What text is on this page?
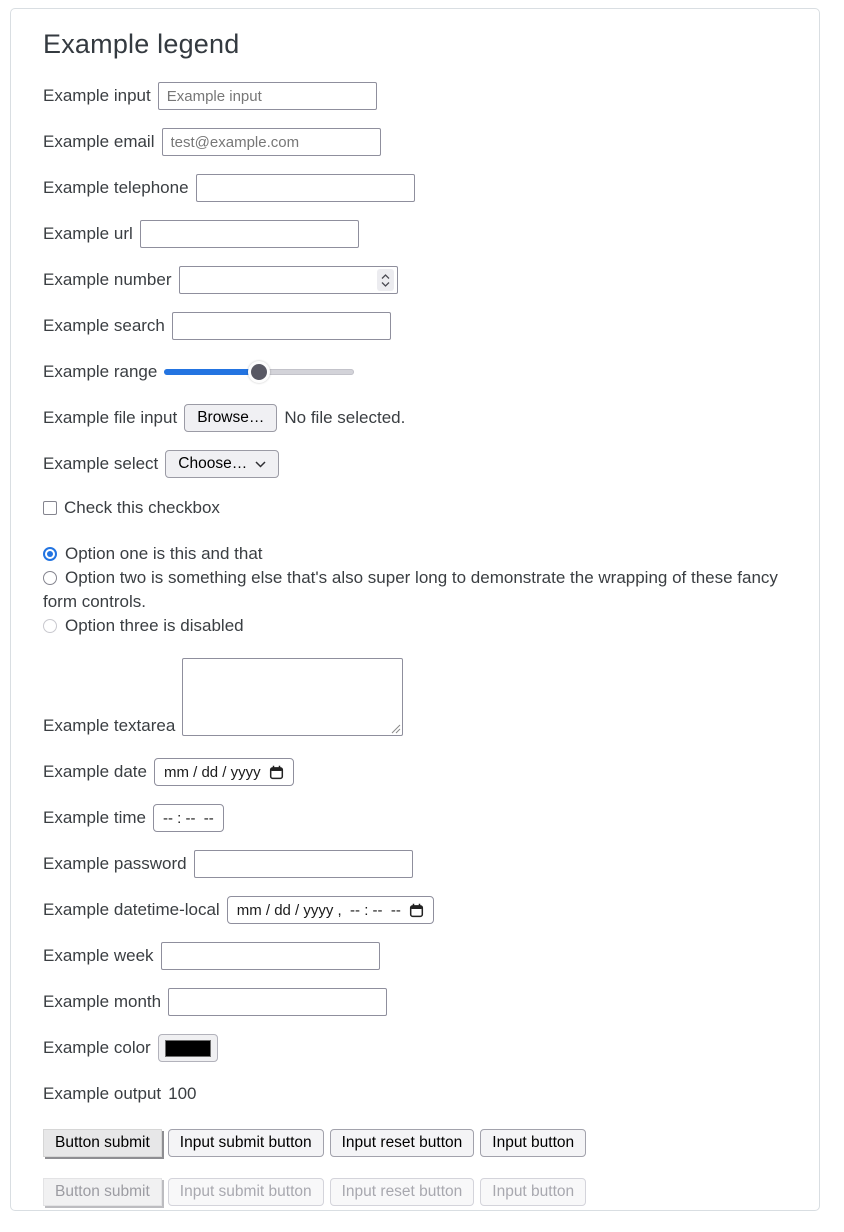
Example legend
Example input
Example input
Example email
test@example.com
Example telephone
Example url
Example number
Example search
Example range
Example file input	Browse…	No file selected.
Example select Choose…
Check this checkbox
Option one is this and that
Option two is something else that's also super long to demonstrate the wrapping of these fancy form controls.
Option three is disabled
Example textarea
Example date mm / dd / yyyy
Example time -- : --  --
Example password
Example datetime-local mm / dd / yyyy ,  -- : --  --
Example week
Example month
Example color
Example output 100
Button submit	Input submit button	Input reset button	Input button
Button submit	Input submit button	Input reset button	Input button
